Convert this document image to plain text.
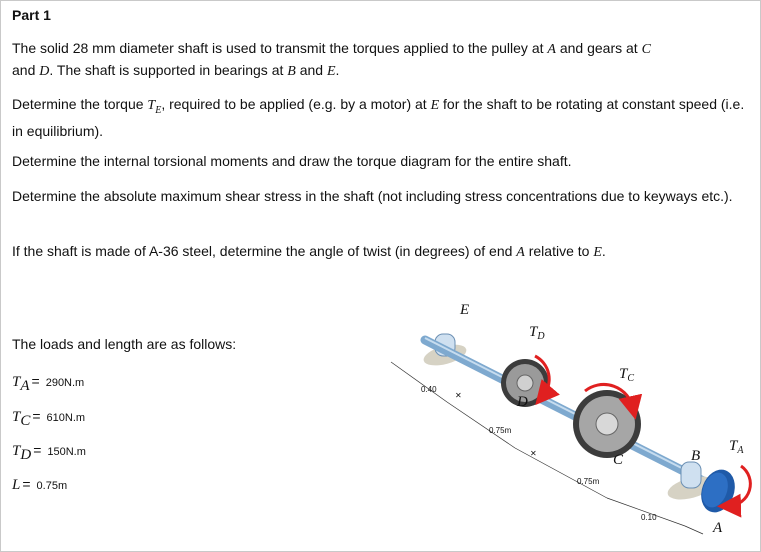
Part 1
The solid 28 mm diameter shaft is used to transmit the torques applied to the pulley at A and gears at C
and D. The shaft is supported in bearings at B and E.
Determine the torque $T_E$, required to be applied (e.g. by a motor) at E for the shaft to be rotating at constant speed (i.e. in equilibrium).
Determine the internal torsional moments and draw the torque diagram for the entire shaft.
Determine the absolute maximum shear stress in the shaft (not including stress concentrations due to keyways etc.).
If the shaft is made of A-36 steel, determine the angle of twist (in degrees) of end A relative to E.
The loads and length are as follows:
$T_A = 290N.m$
$T_C = 610N.m$
$T_D = 150N.m$
L = 0.75m
✕
✕
E
$T_D$
$T_C$
$T_A$
D
C	B
A
0.40
0.75m
0.75m
0.10
